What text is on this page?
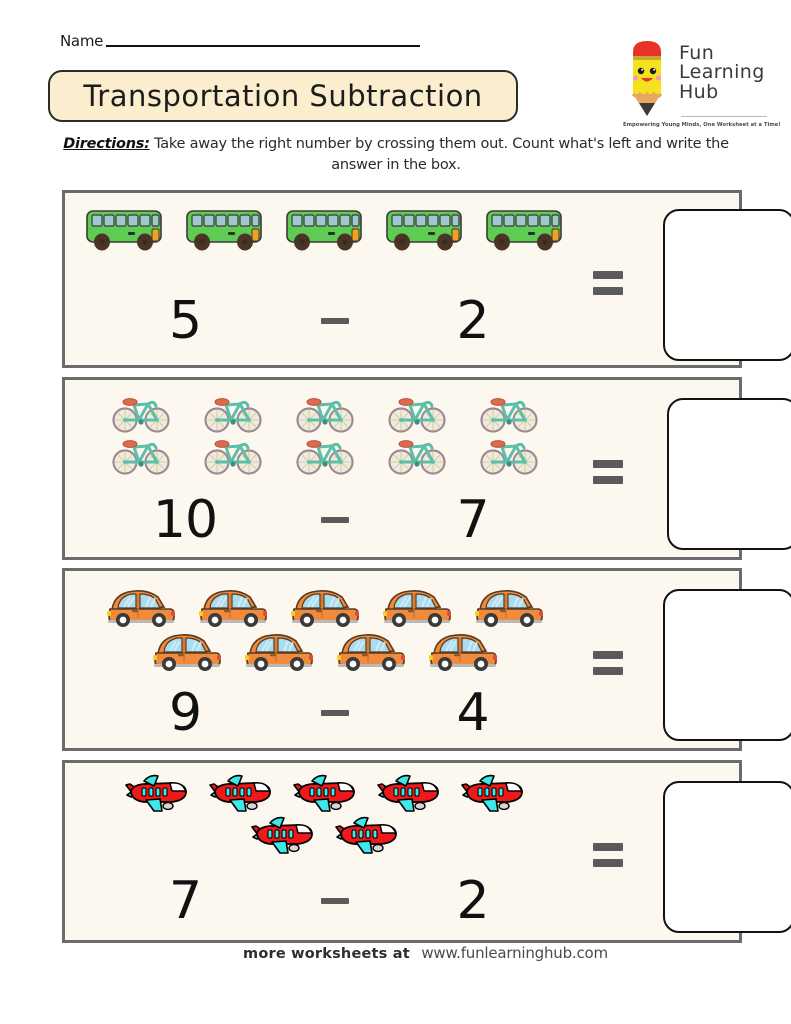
Name
Transportation Subtraction
Fun
Learning
Hub
Empowering Young Minds, One Worksheet at a Time!
Directions: Take away the right number by crossing them out. Count what's left and write the answer in the box.
5	2
10	7
9	4
7	2
more worksheets at www.funlearninghub.com
